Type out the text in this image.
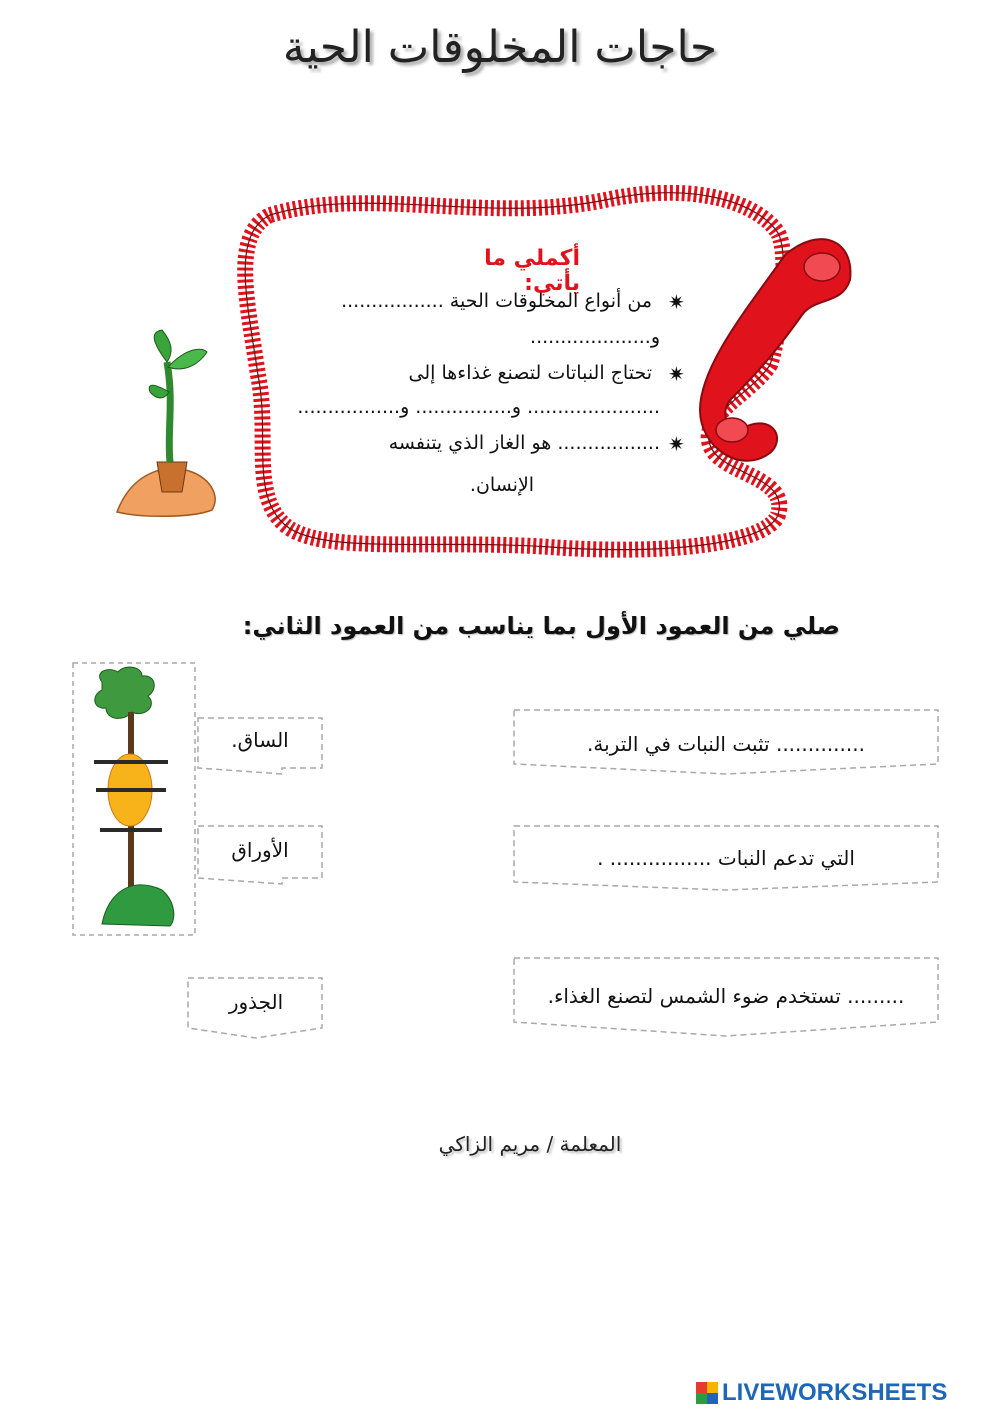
حاجات المخلوقات الحية
أكملي ما يأتي:
✷
من أنواع المخلوقات الحية .................
و....................
✷
تحتاج النباتات لتصنع غذاءها إلى
...................... و................ و.................
✷
................. هو الغاز الذي يتنفسه
الإنسان.
صلي من العمود الأول بما يناسب من العمود الثاني:
الساق.
الأوراق
الجذور
.............. تثبت النبات في التربة.
التي تدعم النبات ................ .
......... تستخدم ضوء الشمس لتصنع الغذاء.
المعلمة / مريم الزاكي
LIVEWORKSHEETS
